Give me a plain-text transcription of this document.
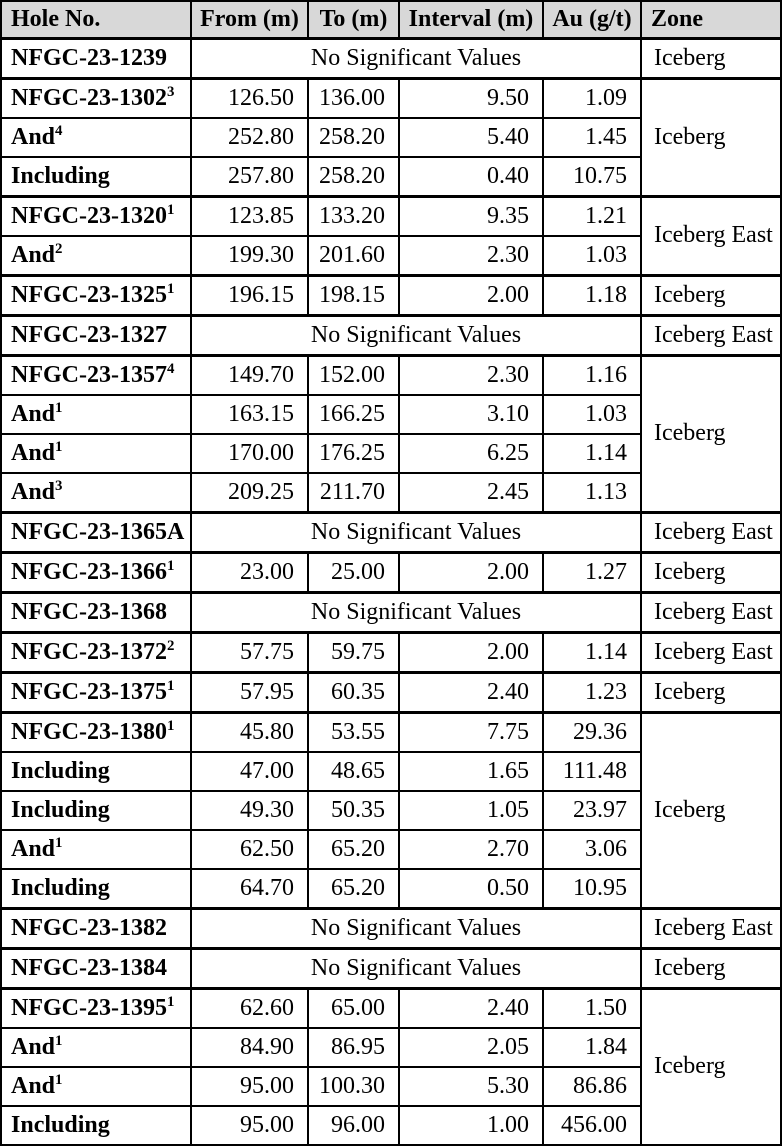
Hole No.	From (m)	To (m)	Interval (m)	Au (g/t)	Zone
NFGC-23-1239	No Significant Values				Iceberg
NFGC-23-1302$^3$	126.50	136.00	9.50	1.09	Iceberg
And$^4$	252.80	258.20	5.40	1.45	
Including	257.80	258.20	0.40	10.75	
NFGC-23-1320$^1$	123.85	133.20	9.35	1.21	Iceberg East
And$^2$	199.30	201.60	2.30	1.03	
NFGC-23-1325$^1$	196.15	198.15	2.00	1.18	Iceberg
NFGC-23-1327	No Significant Values				Iceberg East
NFGC-23-1357$^4$	149.70	152.00	2.30	1.16	Iceberg
And$^1$	163.15	166.25	3.10	1.03	
And$^1$	170.00	176.25	6.25	1.14	
And$^3$	209.25	211.70	2.45	1.13	
NFGC-23-1365A	No Significant Values				Iceberg East
NFGC-23-1366$^1$	23.00	25.00	2.00	1.27	Iceberg
NFGC-23-1368	No Significant Values				Iceberg East
NFGC-23-1372$^2$	57.75	59.75	2.00	1.14	Iceberg East
NFGC-23-1375$^1$	57.95	60.35	2.40	1.23	Iceberg
NFGC-23-1380$^1$	45.80	53.55	7.75	29.36	Iceberg
Including	47.00	48.65	1.65	111.48	
Including	49.30	50.35	1.05	23.97	
And$^1$	62.50	65.20	2.70	3.06	
Including	64.70	65.20	0.50	10.95	
NFGC-23-1382	No Significant Values				Iceberg East
NFGC-23-1384	No Significant Values				Iceberg
NFGC-23-1395$^1$	62.60	65.00	2.40	1.50	Iceberg
And$^1$	84.90	86.95	2.05	1.84	
And$^1$	95.00	100.30	5.30	86.86	
Including	95.00	96.00	1.00	456.00	
